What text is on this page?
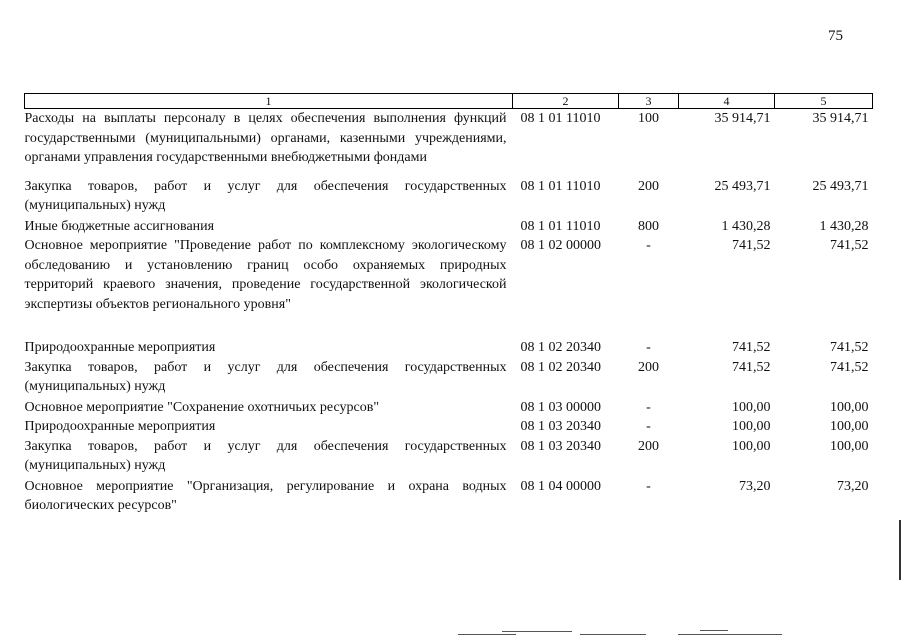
75
1	2	3	4	5
Расходы на выплаты персоналу в целях обеспечения выполнения функций государственными (муниципальными) органами, казенными учреждениями, органами управления государственными внебюджетными фондами	08 1 01 11010	100	35 914,71	35 914,71
Закупка товаров, работ и услуг для обеспечения государственных (муниципальных) нужд	08 1 01 11010	200	25 493,71	25 493,71
Иные бюджетные ассигнования	08 1 01 11010	800	1 430,28	1 430,28
Основное мероприятие "Проведение работ по комплексному экологическому обследованию и установлению границ особо охраняемых природных территорий краевого значения, проведение государственной экологической экспертизы объектов регионального уровня"	08 1 02 00000	-	741,52	741,52
Природоохранные мероприятия	08 1 02 20340	-	741,52	741,52
Закупка товаров, работ и услуг для обеспечения государственных (муниципальных) нужд	08 1 02 20340	200	741,52	741,52
Основное мероприятие "Сохранение охотничьих ресурсов"	08 1 03 00000	-	100,00	100,00
Природоохранные мероприятия	08 1 03 20340	-	100,00	100,00
Закупка товаров, работ и услуг для обеспечения государственных (муниципальных) нужд	08 1 03 20340	200	100,00	100,00
Основное мероприятие "Организация, регулирование и охрана водных биологических ресурсов"	08 1 04 00000	-	73,20	73,20
